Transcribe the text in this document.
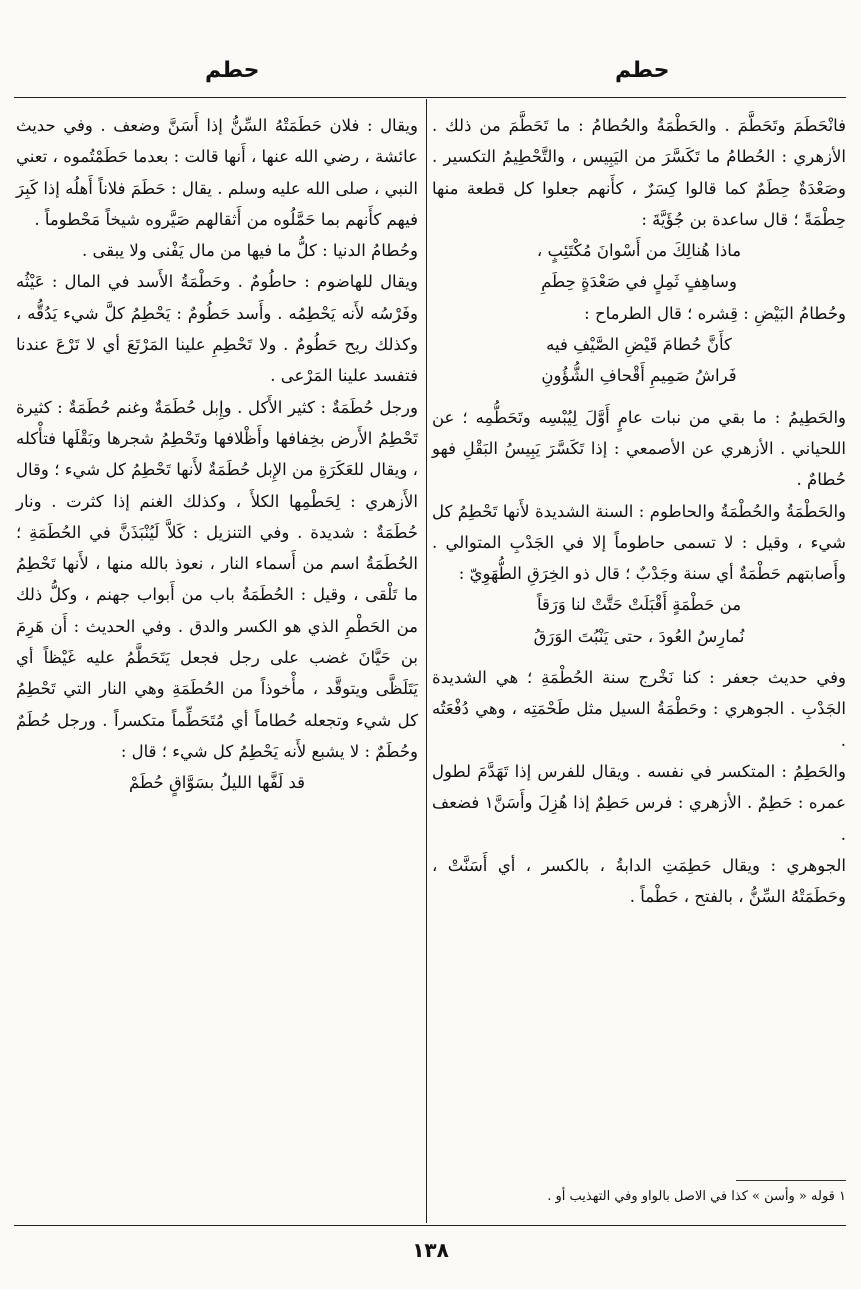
حطم
حطم

فانْحَطَمَ وتَحَطَّمَ . والحَطْمَةُ والحُطامُ : ما تَحَطَّمَ من ذلك . الأزهري : الحُطامُ ما تَكَسَّرَ من اليَبِيس ، والتَّحْطِيمُ التكسير . وصَعْدَةٌ حِطَمٌ كما قالوا كِسَرٌ ، كأَنهم جعلوا كل قطعة منها حِطْمَةً ؛ قال ساعدة بن جُؤَيَّةَ :

ماذا هُنالِكَ من أَسْوانَ مُكْتَئِبٍ ،

وساهِفٍ ثَمِلٍ في صَعْدَةٍ حِطَمِ

وحُطامُ البَيْضِ : قِشره ؛ قال الطرماح :

كأَنَّ حُطامَ قَيْضِ الصَّيْفِ فيه

فَراشُ صَمِيمِ أَقْحافِ الشُّؤُونِ

والحَطِيمُ : ما بقي من نبات عامٍ أَوَّلَ لِيُبْسِه وتَحَطُّمِه ؛ عن اللحياني . الأزهري عن الأصمعي : إذا تَكَسَّرَ يَبِيسُ البَقْلِ فهو حُطامٌ .

والحَطْمَةُ والحُطْمَةُ والحاطوم : السنة الشديدة لأَنها تَحْطِمُ كل شيء ، وقيل : لا تسمى حاطوماً إلا في الجَدْبِ المتوالي . وأَصابتهم حَطْمَةٌ أي سنة وجَدْبٌ ؛ قال ذو الخِرَقِ الطُّهَوِيّ :

من حَطْمَةٍ أَقْبَلَتْ حَتَّتْ لنا وَرَقاً

نُمارِسُ العُودَ ، حتى يَنْبُتَ الوَرَقُ

وفي حديث جعفر : كنا نَخْرج سنة الحُطْمَةِ ؛ هي الشديدة الجَدْبِ . الجوهري : وحَطْمَةُ السيل مثل طَحْمَتِه ، وهي دُفْعَتُه .

والحَطِمُ : المتكسر في نفسه . ويقال للفرس إذا تَهَدَّمَ لطول عمره : حَطِمٌ . الأزهري : فرس حَطِمٌ إذا هُزِلَ وأَسَنَّ١ فضعف .

الجوهري : ويقال حَطِمَتِ الدابةُ ، بالكسر ، أي أَسَنَّتْ ، وحَطَمَتْهُ السِّنُّ ، بالفتح ، حَطْماً .

ويقال : فلان حَطَمَتْهُ السِّنُّ إذا أَسَنَّ وضعف . وفي حديث عائشة ، رضي الله عنها ، أَنها قالت : بعدما حَطَمْتُموه ، تعني النبي ، صلى الله عليه وسلم . يقال : حَطَمَ فلاناً أَهلُه إذا كَبِرَ فيهم كأَنهم بما حَمَّلُوه من أَثقالهم صَيَّروه شيخاً مَحْطوماً .

وحُطامُ الدنيا : كلُّ ما فيها من مال يَفْنى ولا يبقى .

ويقال للهاضوم : حاطُومٌ . وحَطْمَةُ الأَسد في المال : عَيْثُه وفَرْسُه لأَنه يَحْطِمُه . وأَسد حَطُومٌ : يَحْطِمُ كلَّ شيء يَدُقُّه ، وكذلك ريح حَطُومٌ . ولا تَحْطِمِ علينا المَرْتَعَ أي لا تَرْعَ عندنا فتفسد علينا المَرْعى .

ورجل حُطَمَةٌ : كثير الأَكل . وإِبل حُطَمَةٌ وغنم حُطَمَةٌ : كثيرة تَحْطِمُ الأَرض بخِفافها وأَظْلافها وتَحْطِمُ شجرها وبَقْلَها فتأْكله ، ويقال للعَكَرَةِ من الإِبل حُطَمَةٌ لأَنها تَحْطِمُ كل شيء ؛ وقال الأَزهري : لِحَطْمِها الكلأَ ، وكذلك الغنم إذا كثرت . ونار حُطَمَةٌ : شديدة . وفي التنزيل : كَلاَّ لَيُنْبَذَنَّ في الحُطَمَةِ ؛ الحُطَمَةُ اسم من أَسماء النار ، نعوذ بالله منها ، لأَنها تَحْطِمُ ما تَلْقى ، وقيل : الحُطَمَةُ باب من أَبواب جهنم ، وكلُّ ذلك من الحَطْمِ الذي هو الكسر والدق . وفي الحديث : أَن هَرِمَ بن حَيَّانَ غضب على رجل فجعل يَتَحَطَّمُ عليه غَيْظاً أي يَتَلَظَّى ويتوقَّد ، مأْخوذاً من الحُطَمَةِ وهي النار التي تَحْطِمُ كل شيء وتجعله حُطاماً أي مُتَحَطِّماً متكسراً . ورجل حُطَمٌ وحُطَمٌ : لا يشبع لأَنه يَحْطِمُ كل شيء ؛ قال :

قد لَفَّها الليلُ بسَوَّاقٍ حُطَمْ

١ قوله « وأسن » كذا في الاصل بالواو وفي التهذيب أو .
١٣٨
